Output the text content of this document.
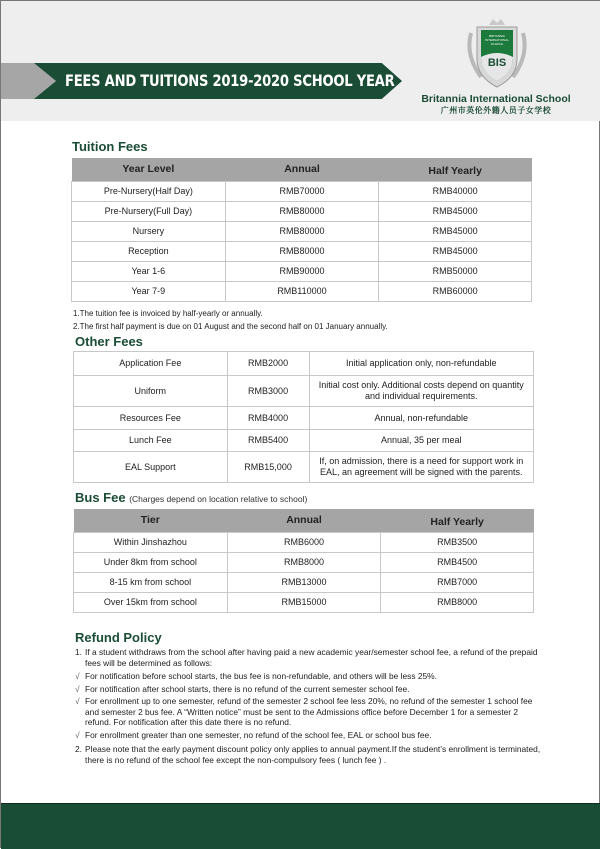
FEES AND TUITIONS 2019-2020 SCHOOL YEAR
BRITANNIA
INTERNATIONAL
SCHOOL
BIS
Britannia International School
广州市英伦外籍人员子女学校
Tuition Fees
Year Level	Annual	Half Yearly
Pre-Nursery(Half Day)	RMB70000	RMB40000
Pre-Nursery(Full Day)	RMB80000	RMB45000
Nursery	RMB80000	RMB45000
Reception	RMB80000	RMB45000
Year 1-6	RMB90000	RMB50000
Year 7-9	RMB110000	RMB60000
1.The tuition fee is invoiced by half-yearly or annually.
2.The first half payment is due on 01 August and the second half on 01 January annually.
Other Fees
Application Fee	RMB2000	Initial application only, non-refundable
Uniform	RMB3000	Initial cost only. Additional costs depend on quantity and individual requirements.
Resources Fee	RMB4000	Annual, non-refundable
Lunch Fee	RMB5400	Annual, 35 per meal
EAL Support	RMB15,000	If, on admission, there is a need for support work in EAL, an agreement will be signed with the parents.
Bus Fee (Charges depend on location relative to school)
Tier	Annual	Half Yearly
Within Jinshazhou	RMB6000	RMB3500
Under 8km from school	RMB8000	RMB4500
8-15 km from school	RMB13000	RMB7000
Over 15km from school	RMB15000	RMB8000
Refund Policy
1. If a student withdraws from the school after having paid a new academic year/semester school fee, a refund of the prepaid fees will be determined as follows:
√ For notification before school starts, the bus fee is non-refundable, and others will be less 25%.
√ For notification after school starts, there is no refund of the current semester school fee.
√ For enrollment up to one semester, refund of the semester 2 school fee less 20%, no refund of the semester 1 school fee and semester 2 bus fee. A “Written notice” must be sent to the Admissions office before December 1 for a semester 2 refund. For notification after this date there is no refund.
√ For enrollment greater than one semester, no refund of the school fee, EAL or school bus fee.
2. Please note that the early payment discount policy only applies to annual payment.If the student’s enrollment is terminated, there is no refund of the school fee except the non-compulsory fees ( lunch fee ) .
